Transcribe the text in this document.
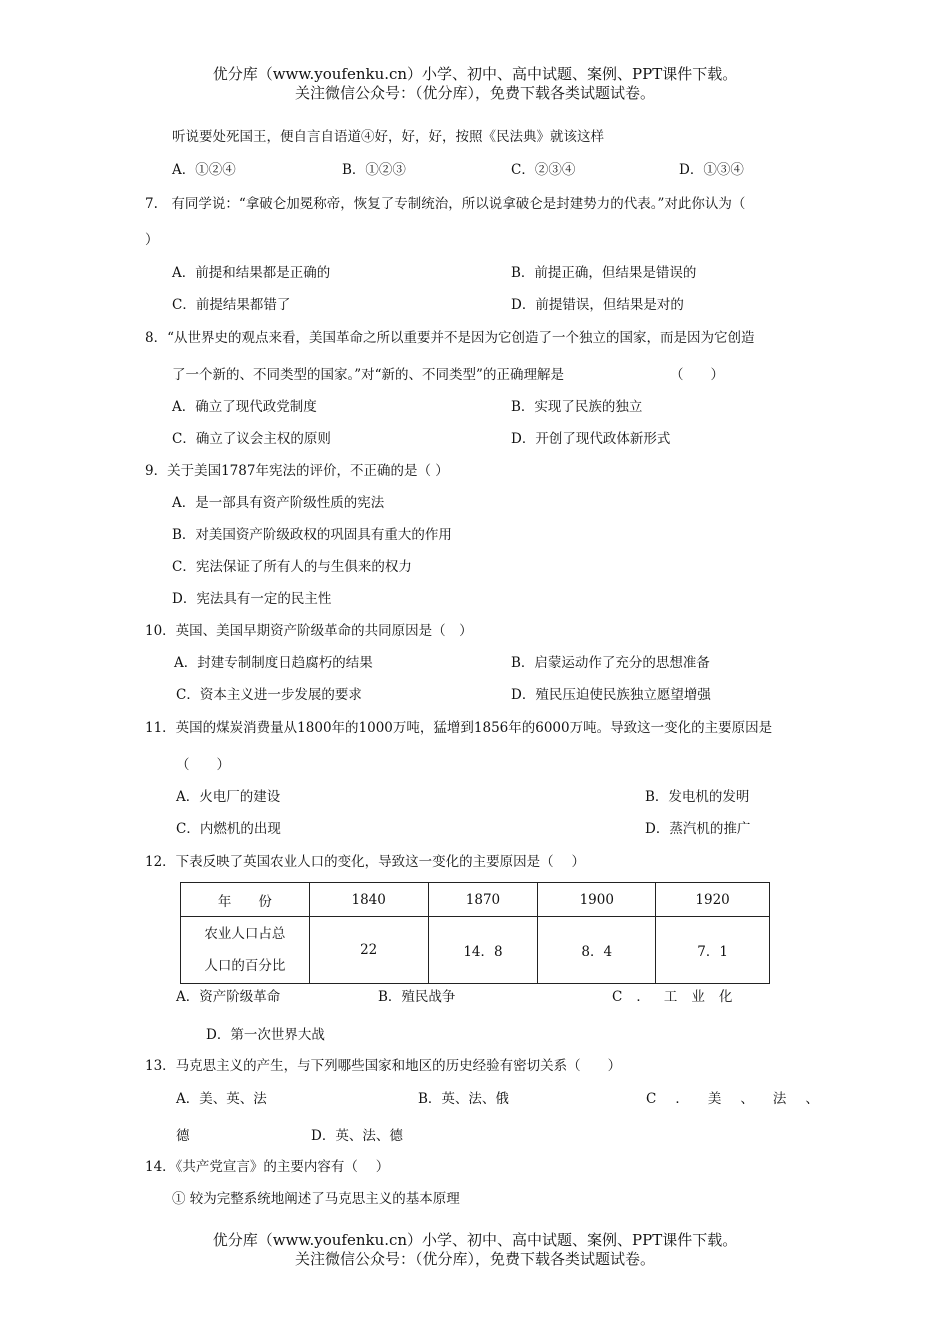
优分库（www.youfenku.cn）小学、初中、高中试题、案例、PPT课件下载。
关注微信公众号：（优分库），免费下载各类试题试卷。
听说要处死国王，便自言自语道④好，好，好，按照《民法典》就该这样
A．①②④	B．①②③	C．②③④	D．①③④
7.　有同学说：“拿破仑加冕称帝，恢复了专制统治，所以说拿破仑是封建势力的代表。”对此你认为（
）
A．前提和结果都是正确的	B．前提正确，但结果是错误的
C．前提结果都错了	D．前提错误，但结果是对的
8．“从世界史的观点来看，美国革命之所以重要并不是因为它创造了一个独立的国家，而是因为它创造
了一个新的、不同类型的国家。”对“新的、不同类型”的正确理解是	（　　）
A．确立了现代政党制度	B．实现了民族的独立
C．确立了议会主权的原则	D．开创了现代政体新形式
9．关于美国1787年宪法的评价，不正确的是（ ）
A．是一部具有资产阶级性质的宪法
B．对美国资产阶级政权的巩固具有重大的作用
C．宪法保证了所有人的与生俱来的权力
D．宪法具有一定的民主性
10．英国、美国早期资产阶级革命的共同原因是（　）
A．封建专制制度日趋腐朽的结果	B．启蒙运动作了充分的思想准备
C．资本主义进一步发展的要求	D．殖民压迫使民族独立愿望增强
11．英国的煤炭消费量从1800年的1000万吨，猛增到1856年的6000万吨。导致这一变化的主要原因是
（　　）
A．火电厂的建设	B．发电机的发明
C．内燃机的出现	D．蒸汽机的推广
12．下表反映了英国农业人口的变化，导致这一变化的主要原因是（　 ）
年　　份	1840	1870	1900	1920
农业人口占总
人口的百分比	22	14．8	8．4	7．1
A．资产阶级革命	B．殖民战争	C．工业化
D．第一次世界大战
13．马克思主义的产生，与下列哪些国家和地区的历史经验有密切关系（　　）
A．美、英、法	B．英、法、俄	C．美、法、
德	D．英、法、德
14．《共产党宣言》的主要内容有（　 ）
① 较为完整系统地阐述了马克思主义的基本原理
优分库（www.youfenku.cn）小学、初中、高中试题、案例、PPT课件下载。
关注微信公众号：（优分库），免费下载各类试题试卷。
